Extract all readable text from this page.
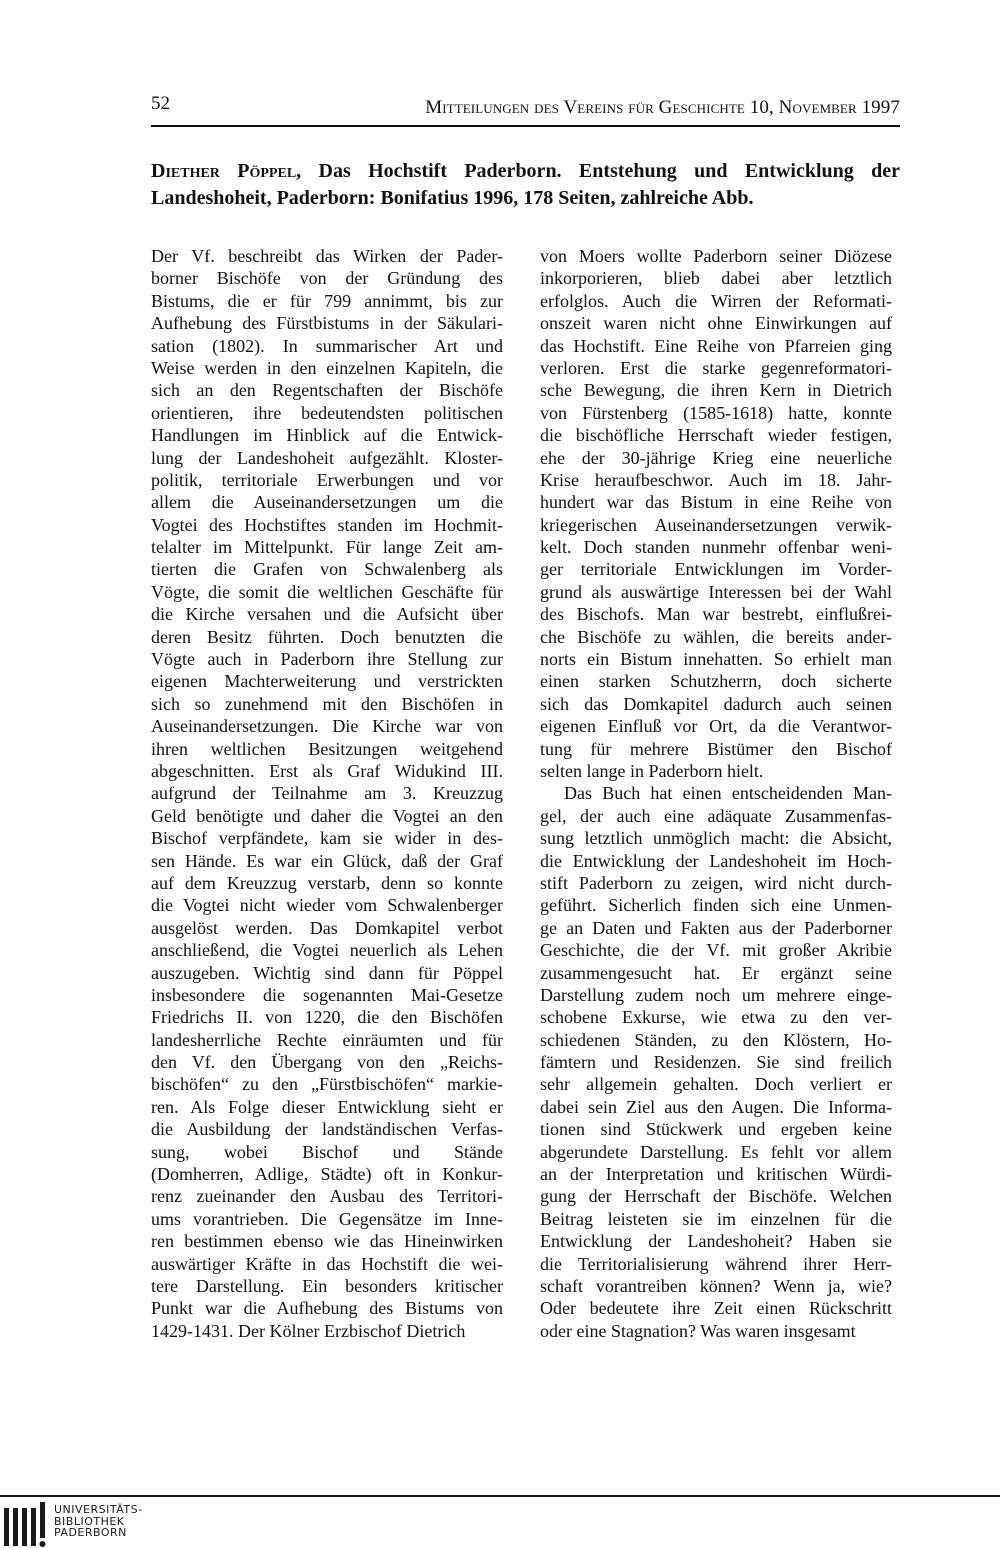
52	Mitteilungen des Vereins für Geschichte 10, November 1997
Diether Pöppel, Das Hochstift Paderborn. Entstehung und Entwicklung der Landeshoheit, Paderborn: Bonifatius 1996, 178 Seiten, zahlreiche Abb.
Der Vf. beschreibt das Wirken der Pader-
borner Bischöfe von der Gründung des
Bistums, die er für 799 annimmt, bis zur
Aufhebung des Fürstbistums in der Säkulari-
sation (1802). In summarischer Art und
Weise werden in den einzelnen Kapiteln, die
sich an den Regentschaften der Bischöfe
orientieren, ihre bedeutendsten politischen
Handlungen im Hinblick auf die Entwick-
lung der Landeshoheit aufgezählt. Kloster-
politik, territoriale Erwerbungen und vor
allem die Auseinandersetzungen um die
Vogtei des Hochstiftes standen im Hochmit-
telalter im Mittelpunkt. Für lange Zeit am-
tierten die Grafen von Schwalenberg als
Vögte, die somit die weltlichen Geschäfte für
die Kirche versahen und die Aufsicht über
deren Besitz führten. Doch benutzten die
Vögte auch in Paderborn ihre Stellung zur
eigenen Machterweiterung und verstrickten
sich so zunehmend mit den Bischöfen in
Auseinandersetzungen. Die Kirche war von
ihren weltlichen Besitzungen weitgehend
abgeschnitten. Erst als Graf Widukind III.
aufgrund der Teilnahme am 3. Kreuzzug
Geld benötigte und daher die Vogtei an den
Bischof verpfändete, kam sie wider in des-
sen Hände. Es war ein Glück, daß der Graf
auf dem Kreuzzug verstarb, denn so konnte
die Vogtei nicht wieder vom Schwalenberger
ausgelöst werden. Das Domkapitel verbot
anschließend, die Vogtei neuerlich als Lehen
auszugeben. Wichtig sind dann für Pöppel
insbesondere die sogenannten Mai-Gesetze
Friedrichs II. von 1220, die den Bischöfen
landesherrliche Rechte einräumten und für
den Vf. den Übergang von den „Reichs-
bischöfen“ zu den „Fürstbischöfen“ markie-
ren. Als Folge dieser Entwicklung sieht er
die Ausbildung der landständischen Verfas-
sung, wobei Bischof und Stände
(Domherren, Adlige, Städte) oft in Konkur-
renz zueinander den Ausbau des Territori-
ums vorantrieben. Die Gegensätze im Inne-
ren bestimmen ebenso wie das Hineinwirken
auswärtiger Kräfte in das Hochstift die wei-
tere Darstellung. Ein besonders kritischer
Punkt war die Aufhebung des Bistums von
1429-1431. Der Kölner Erzbischof Dietrich
von Moers wollte Paderborn seiner Diözese
inkorporieren, blieb dabei aber letztlich
erfolglos. Auch die Wirren der Reformati-
onszeit waren nicht ohne Einwirkungen auf
das Hochstift. Eine Reihe von Pfarreien ging
verloren. Erst die starke gegenreformatori-
sche Bewegung, die ihren Kern in Dietrich
von Fürstenberg (1585-1618) hatte, konnte
die bischöfliche Herrschaft wieder festigen,
ehe der 30-jährige Krieg eine neuerliche
Krise heraufbeschwor. Auch im 18. Jahr-
hundert war das Bistum in eine Reihe von
kriegerischen Auseinandersetzungen verwik-
kelt. Doch standen nunmehr offenbar weni-
ger territoriale Entwicklungen im Vorder-
grund als auswärtige Interessen bei der Wahl
des Bischofs. Man war bestrebt, einflußrei-
che Bischöfe zu wählen, die bereits ander-
norts ein Bistum innehatten. So erhielt man
einen starken Schutzherrn, doch sicherte
sich das Domkapitel dadurch auch seinen
eigenen Einfluß vor Ort, da die Verantwor-
tung für mehrere Bistümer den Bischof
selten lange in Paderborn hielt.
Das Buch hat einen entscheidenden Man-
gel, der auch eine adäquate Zusammenfas-
sung letztlich unmöglich macht: die Absicht,
die Entwicklung der Landeshoheit im Hoch-
stift Paderborn zu zeigen, wird nicht durch-
geführt. Sicherlich finden sich eine Unmen-
ge an Daten und Fakten aus der Paderborner
Geschichte, die der Vf. mit großer Akribie
zusammengesucht hat. Er ergänzt seine
Darstellung zudem noch um mehrere einge-
schobene Exkurse, wie etwa zu den ver-
schiedenen Ständen, zu den Klöstern, Ho-
fämtern und Residenzen. Sie sind freilich
sehr allgemein gehalten. Doch verliert er
dabei sein Ziel aus den Augen. Die Informa-
tionen sind Stückwerk und ergeben keine
abgerundete Darstellung. Es fehlt vor allem
an der Interpretation und kritischen Würdi-
gung der Herrschaft der Bischöfe. Welchen
Beitrag leisteten sie im einzelnen für die
Entwicklung der Landeshoheit? Haben sie
die Territorialisierung während ihrer Herr-
schaft vorantreiben können? Wenn ja, wie?
Oder bedeutete ihre Zeit einen Rückschritt
oder eine Stagnation? Was waren insgesamt
UNIVERSITÄTS-
BIBLIOTHEK
PADERBORN
